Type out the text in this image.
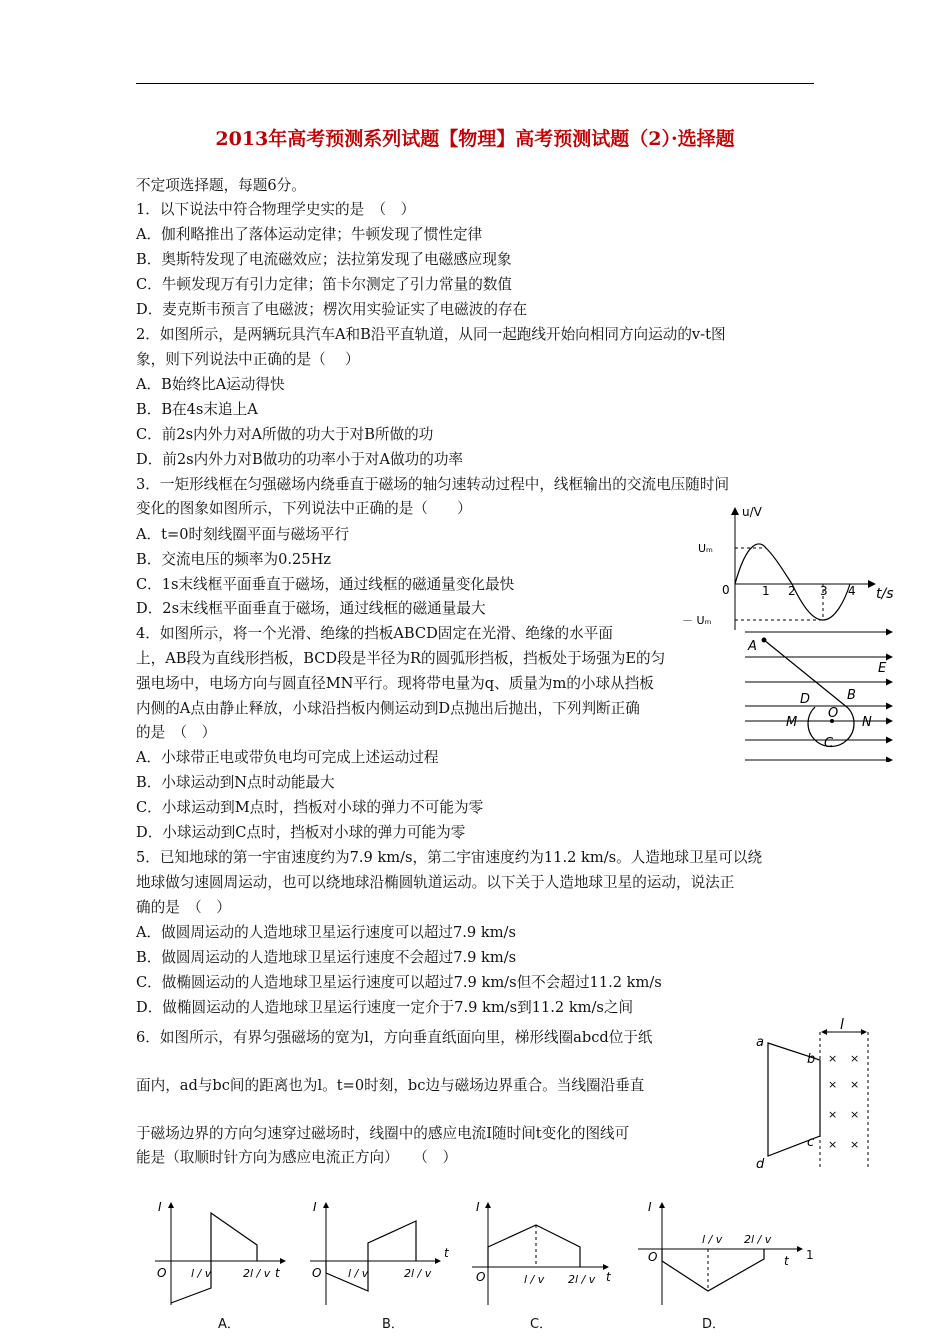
2013年高考预测系列试题【物理】高考预测试题（2）·选择题
不定项选择题，每题6分。
1．以下说法中符合物理学史实的是　（　）
A．伽利略推出了落体运动定律；牛顿发现了惯性定律
B．奥斯特发现了电流磁效应；法拉第发现了电磁感应现象
C．牛顿发现万有引力定律；笛卡尔测定了引力常量的数值
D．麦克斯韦预言了电磁波；楞次用实验证实了电磁波的存在
2．如图所示，是两辆玩具汽车A和B沿平直轨道，从同一起跑线开始向相同方向运动的v-t图
象，则下列说法中正确的是（　 ）
A．B始终比A运动得快
B．B在4s末追上A
C．前2s内外力对A所做的功大于对B所做的功
D．前2s内外力对B做功的功率小于对A做功的功率
3．一矩形线框在匀强磁场内绕垂直于磁场的轴匀速转动过程中，线框输出的交流电压随时间
变化的图象如图所示，下列说法中正确的是（　　）
A．t=0时刻线圈平面与磁场平行
B．交流电压的频率为0.25Hz
C．1s末线框平面垂直于磁场，通过线框的磁通量变化最快
D．2s末线框平面垂直于磁场，通过线框的磁通量最大
4．如图所示，将一个光滑、绝缘的挡板ABCD固定在光滑、绝缘的水平面
上，AB段为直线形挡板，BCD段是半径为R的圆弧形挡板，挡板处于场强为E的匀
强电场中，电场方向与圆直径MN平行。现将带电量为q、质量为m的小球从挡板
内侧的A点由静止释放，小球沿挡板内侧运动到D点抛出后抛出，下列判断正确
的是　（　）
A．小球带正电或带负电均可完成上述运动过程
B．小球运动到N点时动能最大
C．小球运动到M点时，挡板对小球的弹力不可能为零
D．小球运动到C点时，挡板对小球的弹力可能为零
5．已知地球的第一宇宙速度约为7.9 km/s，第二宇宙速度约为11.2 km/s。人造地球卫星可以绕
地球做匀速圆周运动，也可以绕地球沿椭圆轨道运动。以下关于人造地球卫星的运动，说法正
确的是　（　）
A．做圆周运动的人造地球卫星运行速度可以超过7.9 km/s
B．做圆周运动的人造地球卫星运行速度不会超过7.9 km/s
C．做椭圆运动的人造地球卫星运行速度可以超过7.9 km/s但不会超过11.2 km/s
D．做椭圆运动的人造地球卫星运行速度一定介于7.9 km/s到11.2 km/s之间
6．如图所示，有界匀强磁场的宽为l，方向垂直纸面向里，梯形线圈abcd位于纸
面内，ad与bc间的距离也为l。t=0时刻，bc边与磁场边界重合。当线圈沿垂直
于磁场边界的方向匀速穿过磁场时，线圈中的感应电流I随时间t变化的图线可
能是（取顺时针方向为感应电流正方向）　　（　）
u/V
t/s
Uₘ
－ Uₘ
0	1 2 3 4
A
E
B
D
O
M	N
C
l
a
b
c
d
× ×
× ×
× ×
× ×
I
t
O l / v	2l / v
I
t
O l / v	2l / v
I
t
O	l / v 2l / v
I
t
O
l / v 2l / v
A．	B．	C．	D．
1
